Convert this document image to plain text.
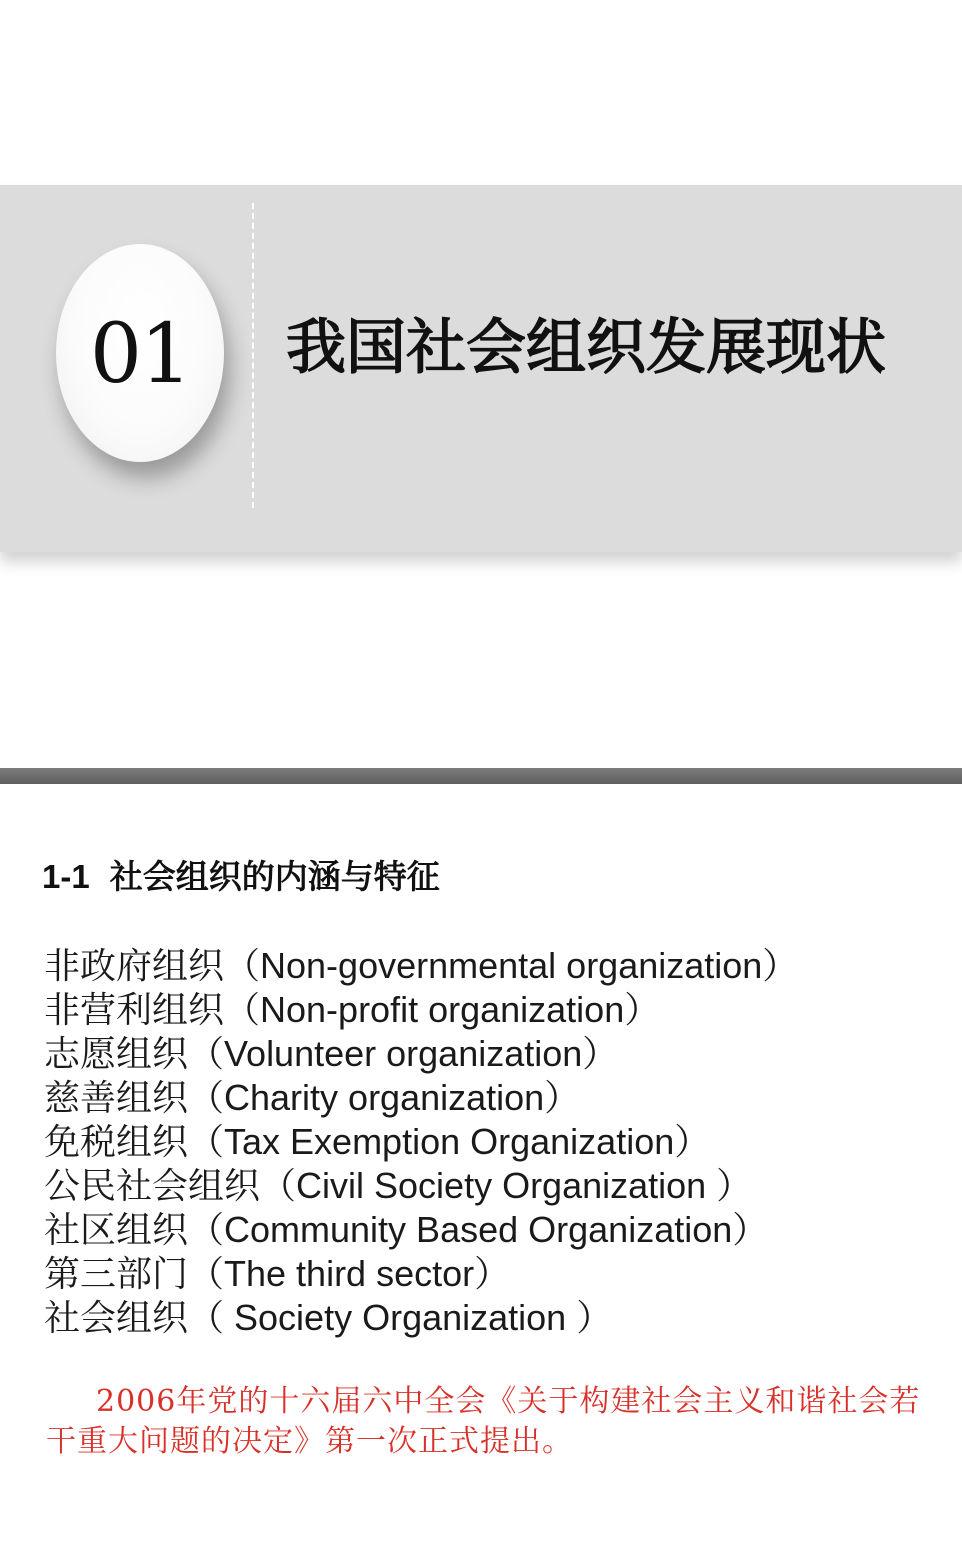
01 我国社会组织发展现状
1-1 社会组织的内涵与特征
非政府组织（Non-governmental organization）
非营利组织（Non-profit organization）
志愿组织（Volunteer organization）
慈善组织（Charity organization）
免税组织（Tax Exemption Organization）
公民社会组织（Civil Society Organization ）
社区组织（Community Based Organization）
第三部门（The third sector）
社会组织（ Society Organization ）

2006年党的十六届六中全会《关于构建社会主义和谐社会若干重大问题的决定》第一次正式提出。
